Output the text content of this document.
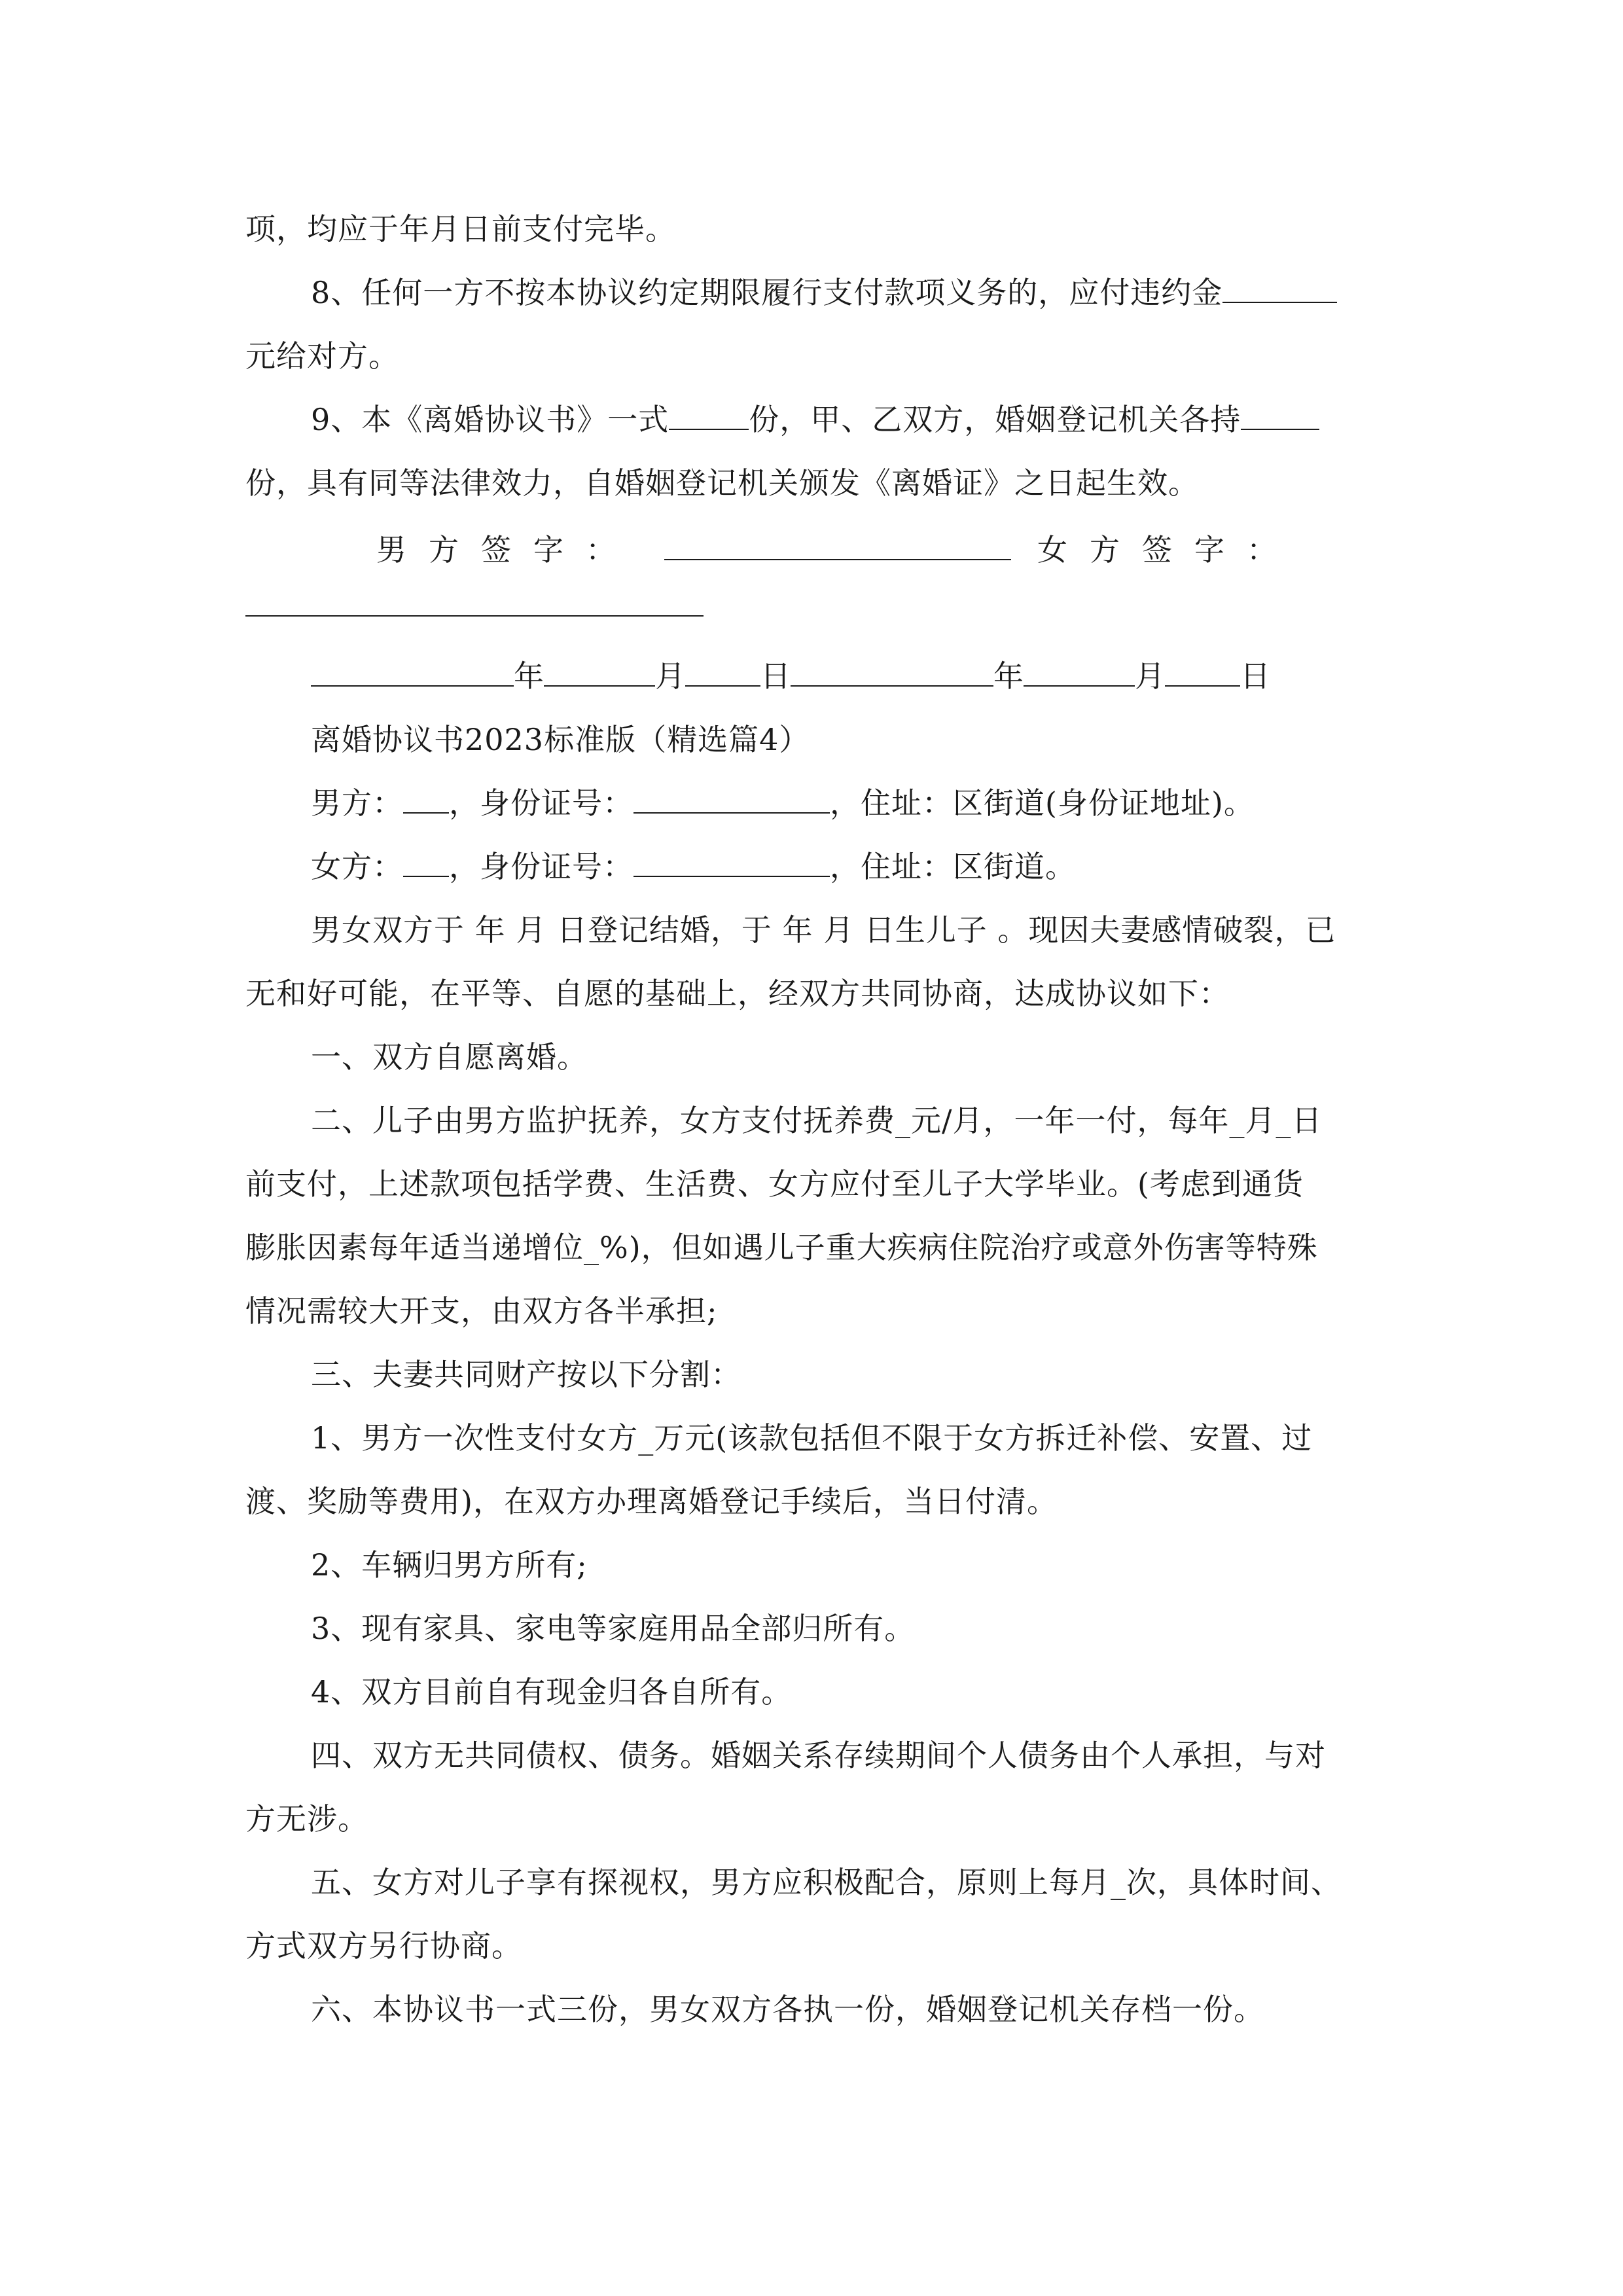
项，均应于年月日前支付完毕。
8、任何一方不按本协议约定期限履行支付款项义务的，应付违约金
元给对方。
9、本《离婚协议书》一式	份，甲、乙双方，婚姻登记机关各持
份，具有同等法律效力，自婚姻登记机关颁发《离婚证》之日起生效。
男方签字：	女方签字：
年	月	日	年	月	日
离婚协议书2023标准版（精选篇4）
男方： ，身份证号：	，住址：区街道(身份证地址)。
女方： ，身份证号：	，住址：区街道。
男女双方于 年 月 日登记结婚，于 年 月 日生儿子 。现因夫妻感情破裂，已
无和好可能，在平等、自愿的基础上，经双方共同协商，达成协议如下：
一、双方自愿离婚。
二、儿子由男方监护抚养，女方支付抚养费_元/月，一年一付，每年_月_日
前支付，上述款项包括学费、生活费、女方应付至儿子大学毕业。(考虑到通货
膨胀因素每年适当递增位_%)，但如遇儿子重大疾病住院治疗或意外伤害等特殊
情况需较大开支，由双方各半承担;
三、夫妻共同财产按以下分割：
1、男方一次性支付女方_万元(该款包括但不限于女方拆迁补偿、安置、过
渡、奖励等费用)，在双方办理离婚登记手续后，当日付清。
2、车辆归男方所有;
3、现有家具、家电等家庭用品全部归所有。
4、双方目前自有现金归各自所有。
四、双方无共同债权、债务。婚姻关系存续期间个人债务由个人承担，与对
方无涉。
五、女方对儿子享有探视权，男方应积极配合，原则上每月_次，具体时间、
方式双方另行协商。
六、本协议书一式三份，男女双方各执一份，婚姻登记机关存档一份。
